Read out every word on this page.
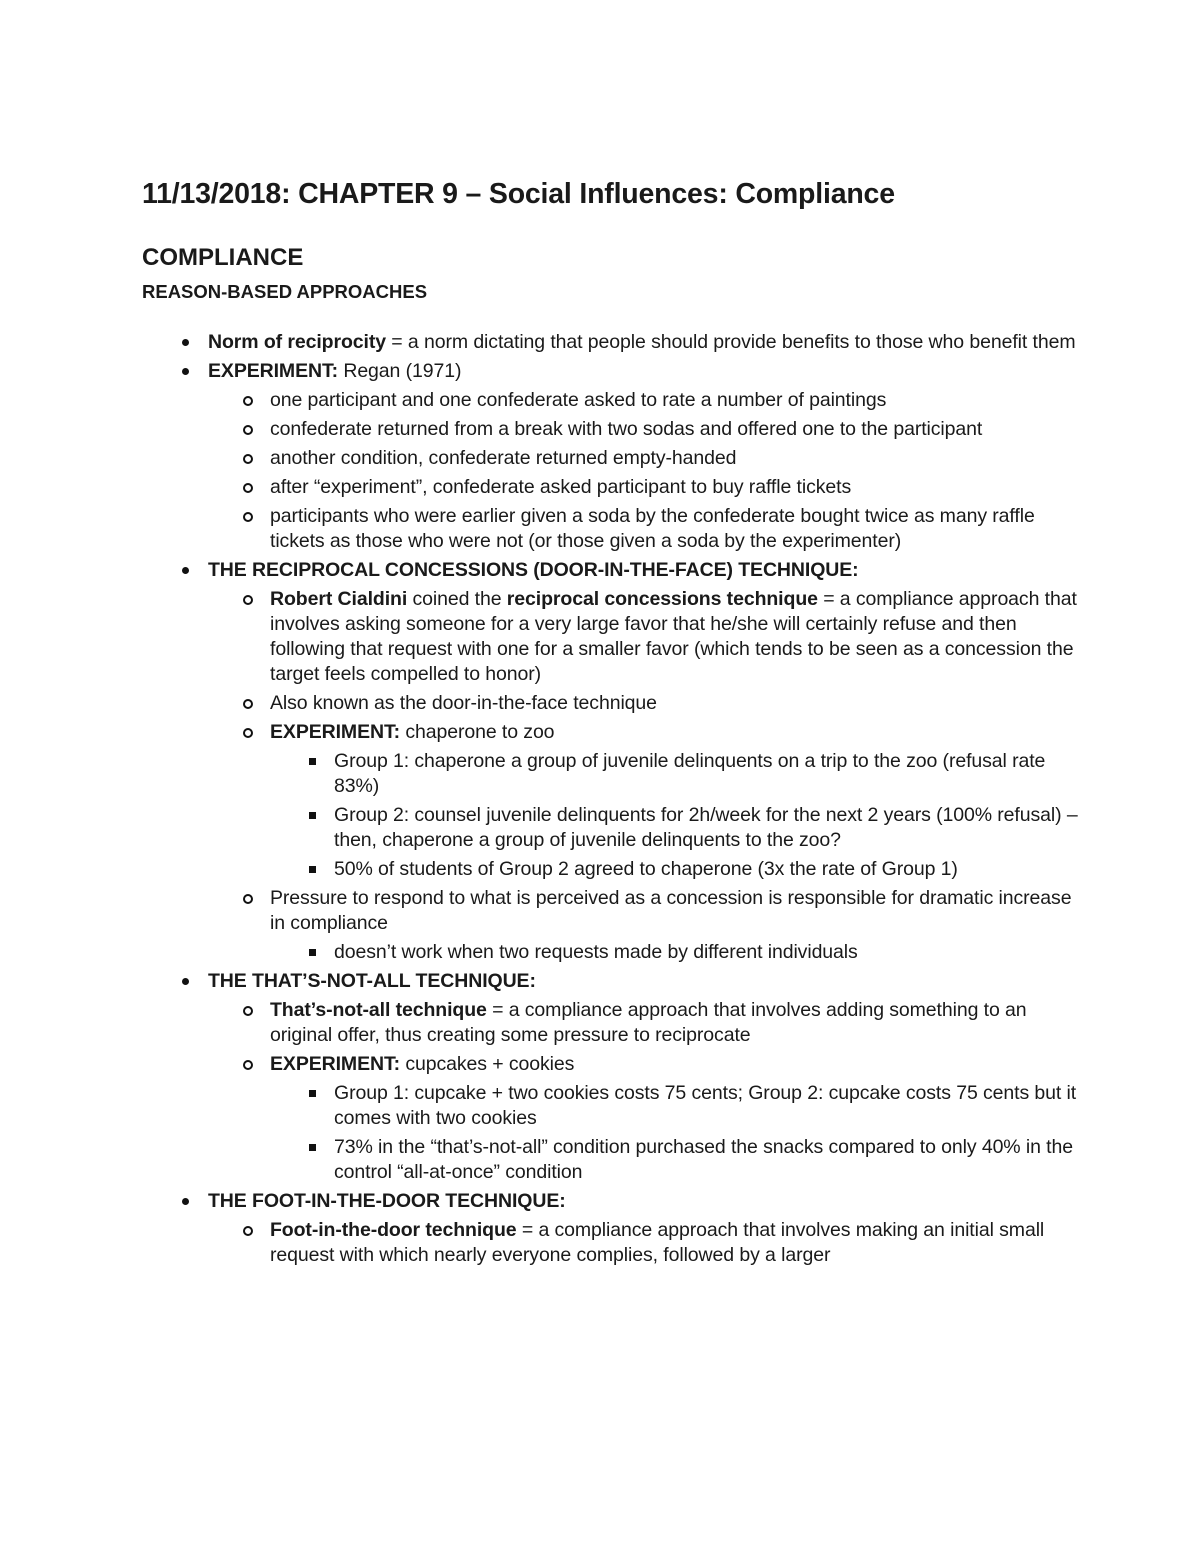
11/13/2018: CHAPTER 9 – Social Influences: Compliance
COMPLIANCE
REASON-BASED APPROACHES
Norm of reciprocity = a norm dictating that people should provide benefits to those who benefit them
EXPERIMENT: Regan (1971)
one participant and one confederate asked to rate a number of paintings
confederate returned from a break with two sodas and offered one to the participant
another condition, confederate returned empty-handed
after “experiment”, confederate asked participant to buy raffle tickets
participants who were earlier given a soda by the confederate bought twice as many raffle tickets as those who were not (or those given a soda by the experimenter)
THE RECIPROCAL CONCESSIONS (DOOR-IN-THE-FACE) TECHNIQUE:
Robert Cialdini coined the reciprocal concessions technique = a compliance approach that involves asking someone for a very large favor that he/she will certainly refuse and then following that request with one for a smaller favor (which tends to be seen as a concession the target feels compelled to honor)
Also known as the door-in-the-face technique
EXPERIMENT: chaperone to zoo
Group 1: chaperone a group of juvenile delinquents on a trip to the zoo (refusal rate 83%)
Group 2: counsel juvenile delinquents for 2h/week for the next 2 years (100% refusal) – then, chaperone a group of juvenile delinquents to the zoo?
50% of students of Group 2 agreed to chaperone (3x the rate of Group 1)
Pressure to respond to what is perceived as a concession is responsible for dramatic increase in compliance
doesn’t work when two requests made by different individuals
THE THAT’S-NOT-ALL TECHNIQUE:
That’s-not-all technique = a compliance approach that involves adding something to an original offer, thus creating some pressure to reciprocate
EXPERIMENT: cupcakes + cookies
Group 1: cupcake + two cookies costs 75 cents; Group 2: cupcake costs 75 cents but it comes with two cookies
73% in the “that’s-not-all” condition purchased the snacks compared to only 40% in the control “all-at-once” condition
THE FOOT-IN-THE-DOOR TECHNIQUE:
Foot-in-the-door technique = a compliance approach that involves making an initial small request with which nearly everyone complies, followed by a larger
